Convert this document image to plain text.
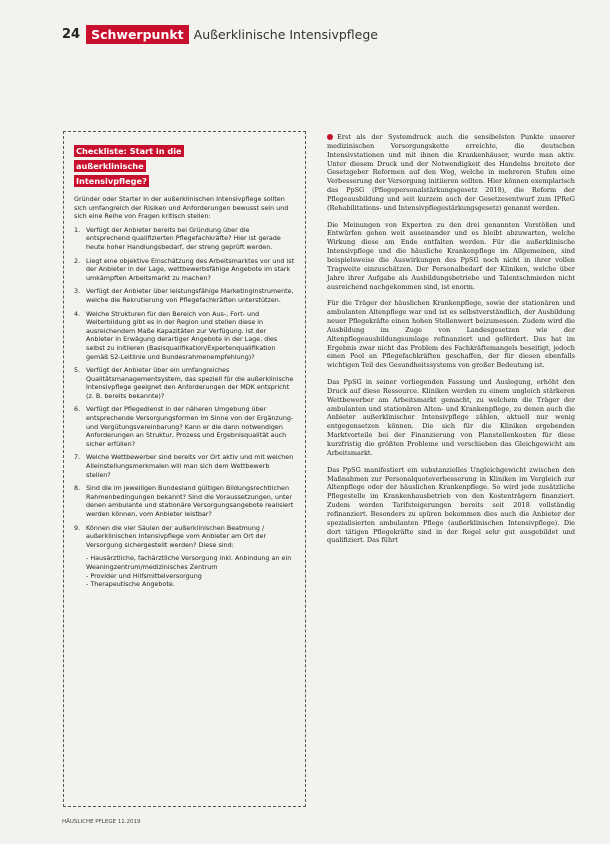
24 Schwerpunkt Außerklinische Intensivpflege
Checkliste: Start in die außerklinische Intensivpflege?
Gründer oder Starter in der außerklinischen Intensivpflege sollten sich umfangreich der Risiken und Anforderungen bewusst sein und sich eine Reihe von Fragen kritisch stellen:
1. Verfügt der Anbieter bereits bei Gründung über die entsprechend qualifizierten Pflegefachkräfte? Hier ist gerade heute hoher Handlungsbedarf, der streng geprüft werden.
2. Liegt eine objektive Einschätzung des Arbeitsmarktes vor und ist der Anbieter in der Lage, wettbewerbsfähige Angebote im stark umkämpften Arbeitsmarkt zu machen?
3. Verfügt der Anbieter über leistungsfähige Marketinginstrumente, welche die Rekrutierung von Pflegefachkräften unterstützen.
4. Welche Strukturen für den Bereich von Aus-, Fort- und Weiterbildung gibt es in der Region und stellen diese in ausreichendem Maße Kapazitäten zur Verfügung. Ist der Anbieter in Erwägung derartiger Angebote in der Lage, dies selbst zu initiieren (Basisqualifikation/Expertenqualifikation gemäß S2-Leitlinie und Bundesrahmenempfehlung)?
5. Verfügt der Anbieter über ein umfangreiches Qualitätsmanagementsystem, das speziell für die außerklinische Intensivpflege geeignet den Anforderungen der MDK entspricht (z. B. bereits bekannte)?
6. Verfügt der Pflegedienst in der näheren Umgebung über entsprechende Versorgungsformen im Sinne von der Ergänzung- und Vergütungsvereinbarung? Kann er die dann notwendigen Anforderungen an Struktur, Prozess und Ergebnisqualität auch sicher erfüllen?
7. Welche Wettbewerber sind bereits vor Ort aktiv und mit welchen Alleinstellungsmerkmalen will man sich dem Wettbewerb stellen?
8. Sind die im jeweiligen Bundesland gültigen Bildungsrechtlichen Rahmenbedingungen bekannt? Sind die Voraussetzungen, unter denen ambulante und stationäre Versorgungsangebote realisiert werden können, vom Anbieter leistbar?
9. Können die vier Säulen der außerklinischen Beatmung / außerklinischen Intensivpflege vom Anbieter am Ort der Versorgung sichergestellt werden? Diese sind:
- Hausärztliche, fachärztliche Versorgung inkl. Anbindung an ein Weaningzentrum/medizinisches Zentrum
- Provider und Hilfsmittelversorgung
- Therapeutische Angebote.

Erst als der Systemdruck auch die sensibelsten Punkte unserer medizinischen Versorgungskette erreichte, die deutschen Intensivstationen und mit ihnen die Krankenhäuser, wurde man aktiv. Unter diesem Druck und der Notwendigkeit des Handelns breitete der Gesetzgeber Reformen auf den Weg, welche in mehreren Stufen eine Verbesserung der Versorgung initiieren sollten. Hier können exemplarisch das PpSG (Pflegepersonalstärkungsgesetz 2018), die Reform der Pflegeausbildung und seit kurzem auch der Gesetzesentwurf zum IPReG (Rehabilitations- und Intensivpflegestärkungsgesetz) genannt werden.

Die Meinungen von Experten zu den drei genannten Vorstößen und Entwürfen gehen weit auseinander und es bleibt abzuwarten, welche Wirkung diese am Ende entfalten werden. Für die außerklinische Intensivpflege und die häusliche Krankenpflege im Allgemeinen, sind beispielsweise die Auswirkungen des PpSG noch nicht in ihrer vollen Tragweite einzuschätzen. Der Personalbedarf der Kliniken, welche über Jahre ihrer Aufgabe als Ausbildungsbetriebe und Talentschmieden nicht ausreichend nachgekommen sind, ist enorm.

Für die Träger der häuslichen Krankenpflege, sowie der stationären und ambulanten Altenpflege war und ist es selbstverständlich, der Ausbildung neuer Pflegekräfte einen hohen Stellenwert beizumessen. Zudem wird die Ausbildung im Zuge von Landesgesetzen wie der Altenpflegeausbildungsumlage refinanziert und gefördert. Das hat im Ergebnis zwar nicht das Problem des Fachkräftemangels beseitigt, jedoch einen Pool an Pflegefachkräften geschaffen, der für diesen ebenfalls wichtigen Teil des Gesundheitssystems von großer Bedeutung ist.

Das PpSG in seiner vorliegenden Fassung und Auslegung, erhöht den Druck auf diese Ressource. Kliniken werden zu einem ungleich stärkeren Wettbewerber am Arbeitsmarkt gemacht, zu welchem die Träger der ambulanten und stationären Alten- und Krankenpflege, zu denen auch die Anbieter außerklinischer Intensivpflege zählen, aktuell nur wenig entgegensetzen können. Die sich für die Kliniken ergebenden Marktvorteile bei der Finanzierung von Planstellenkosten für diese kurzfristig die größten Probleme und verschieben das Gleichgewicht am Arbeitsmarkt.

Das PpSG manifestiert ein substanzielles Ungleichgewicht zwischen den Maßnahmen zur Personalquoteverbesserung in Kliniken im Vergleich zur Altenpflege oder der häuslichen Krankenpflege. So wird jede zusätzliche Pflegestelle im Krankenhausbetrieb von den Kostenträgern finanziert. Zudem werden Tarifsteigerungen bereits seit 2018 vollständig refinanziert. Besonders zu spüren bekommen dies auch die Anbieter der spezialisierten ambulanten Pflege (außerklinischen Intensivpflege). Die dort tätigen Pflegekräfte sind in der Regel sehr gut ausgebildet und qualifiziert. Das führt

HÄUSLICHE PFLEGE 11.2019
